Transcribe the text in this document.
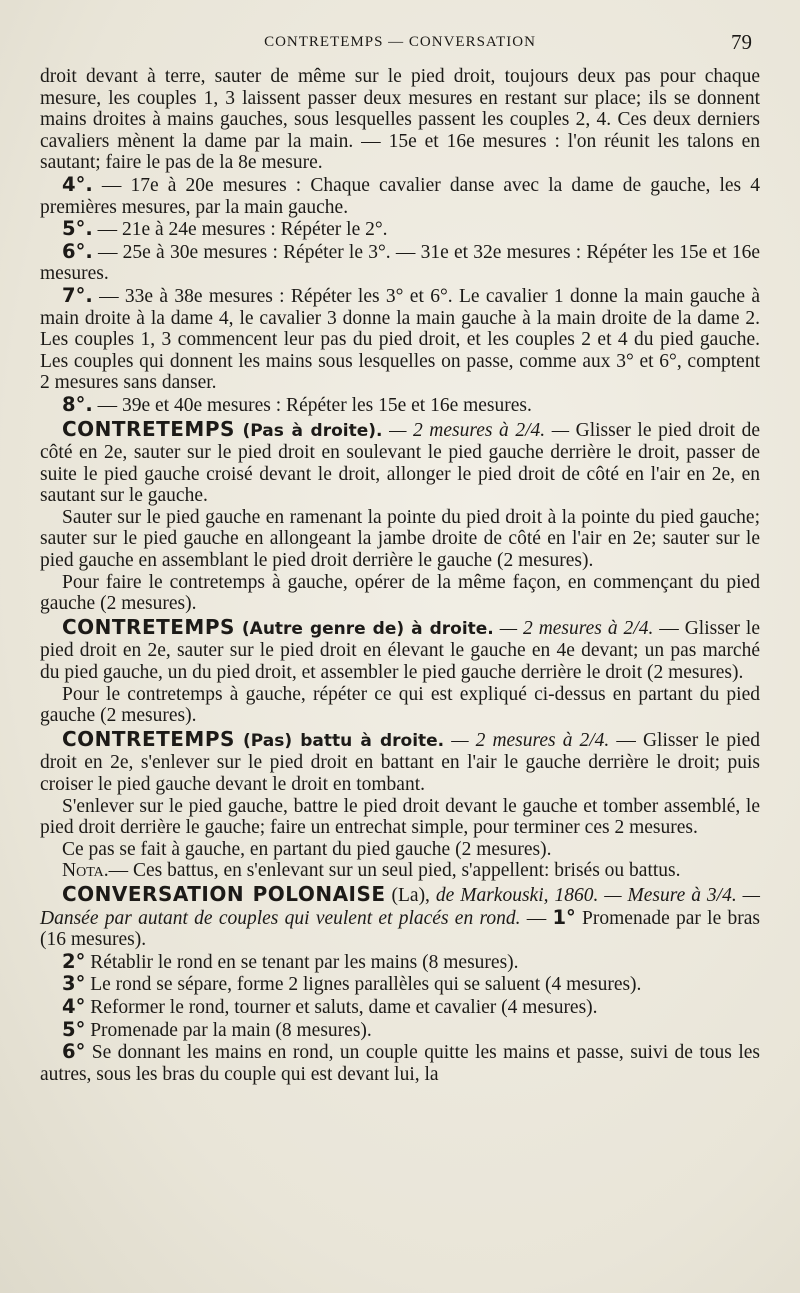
CONTRETEMPS — CONVERSATION	79

droit devant à terre, sauter de même sur le pied droit, toujours deux pas pour chaque mesure, les couples 1, 3 laissent passer deux mesures en restant sur place; ils se donnent mains droites à mains gauches, sous lesquelles passent les couples 2, 4. Ces deux derniers cavaliers mènent la dame par la main. — 15e et 16e mesures : l'on réunit les talons en sautant; faire le pas de la 8e mesure.

4°. — 17e à 20e mesures : Chaque cavalier danse avec la dame de gauche, les 4 premières mesures, par la main gauche.

5°. — 21e à 24e mesures : Répéter le 2°.

6°. — 25e à 30e mesures : Répéter le 3°. — 31e et 32e mesures : Répéter les 15e et 16e mesures.

7°. — 33e à 38e mesures : Répéter les 3° et 6°. Le cavalier 1 donne la main gauche à main droite à la dame 4, le cavalier 3 donne la main gauche à la main droite de la dame 2. Les couples 1, 3 commencent leur pas du pied droit, et les couples 2 et 4 du pied gauche. Les couples qui donnent les mains sous lesquelles on passe, comme aux 3° et 6°, comptent 2 mesures sans danser.

8°. — 39e et 40e mesures : Répéter les 15e et 16e mesures.

CONTRETEMPS (Pas à droite). — 2 mesures à 2/4. — Glisser le pied droit de côté en 2e, sauter sur le pied droit en soulevant le pied gauche derrière le droit, passer de suite le pied gauche croisé devant le droit, allonger le pied droit de côté en l'air en 2e, en sautant sur le gauche.

Sauter sur le pied gauche en ramenant la pointe du pied droit à la pointe du pied gauche; sauter sur le pied gauche en allongeant la jambe droite de côté en l'air en 2e; sauter sur le pied gauche en assemblant le pied droit derrière le gauche (2 mesures).

Pour faire le contretemps à gauche, opérer de la même façon, en commençant du pied gauche (2 mesures).

CONTRETEMPS (Autre genre de) à droite. — 2 mesures à 2/4. — Glisser le pied droit en 2e, sauter sur le pied droit en élevant le gauche en 4e devant; un pas marché du pied gauche, un du pied droit, et assembler le pied gauche derrière le droit (2 mesures).

Pour le contretemps à gauche, répéter ce qui est expliqué ci-dessus en partant du pied gauche (2 mesures).

CONTRETEMPS (Pas) battu à droite. — 2 mesures à 2/4. — Glisser le pied droit en 2e, s'enlever sur le pied droit en battant en l'air le gauche derrière le droit; puis croiser le pied gauche devant le droit en tombant.

S'enlever sur le pied gauche, battre le pied droit devant le gauche et tomber assemblé, le pied droit derrière le gauche; faire un entrechat simple, pour terminer ces 2 mesures.

Ce pas se fait à gauche, en partant du pied gauche (2 mesures).

Nota.— Ces battus, en s'enlevant sur un seul pied, s'appellent: brisés ou battus.

CONVERSATION POLONAISE (La), de Markouski, 1860. — Mesure à 3/4. — Dansée par autant de couples qui veulent et placés en rond. — 1° Promenade par le bras (16 mesures).

2° Rétablir le rond en se tenant par les mains (8 mesures).

3° Le rond se sépare, forme 2 lignes parallèles qui se saluent (4 mesures).

4° Reformer le rond, tourner et saluts, dame et cavalier (4 mesures).

5° Promenade par la main (8 mesures).

6° Se donnant les mains en rond, un couple quitte les mains et passe, suivi de tous les autres, sous les bras du couple qui est devant lui, la
